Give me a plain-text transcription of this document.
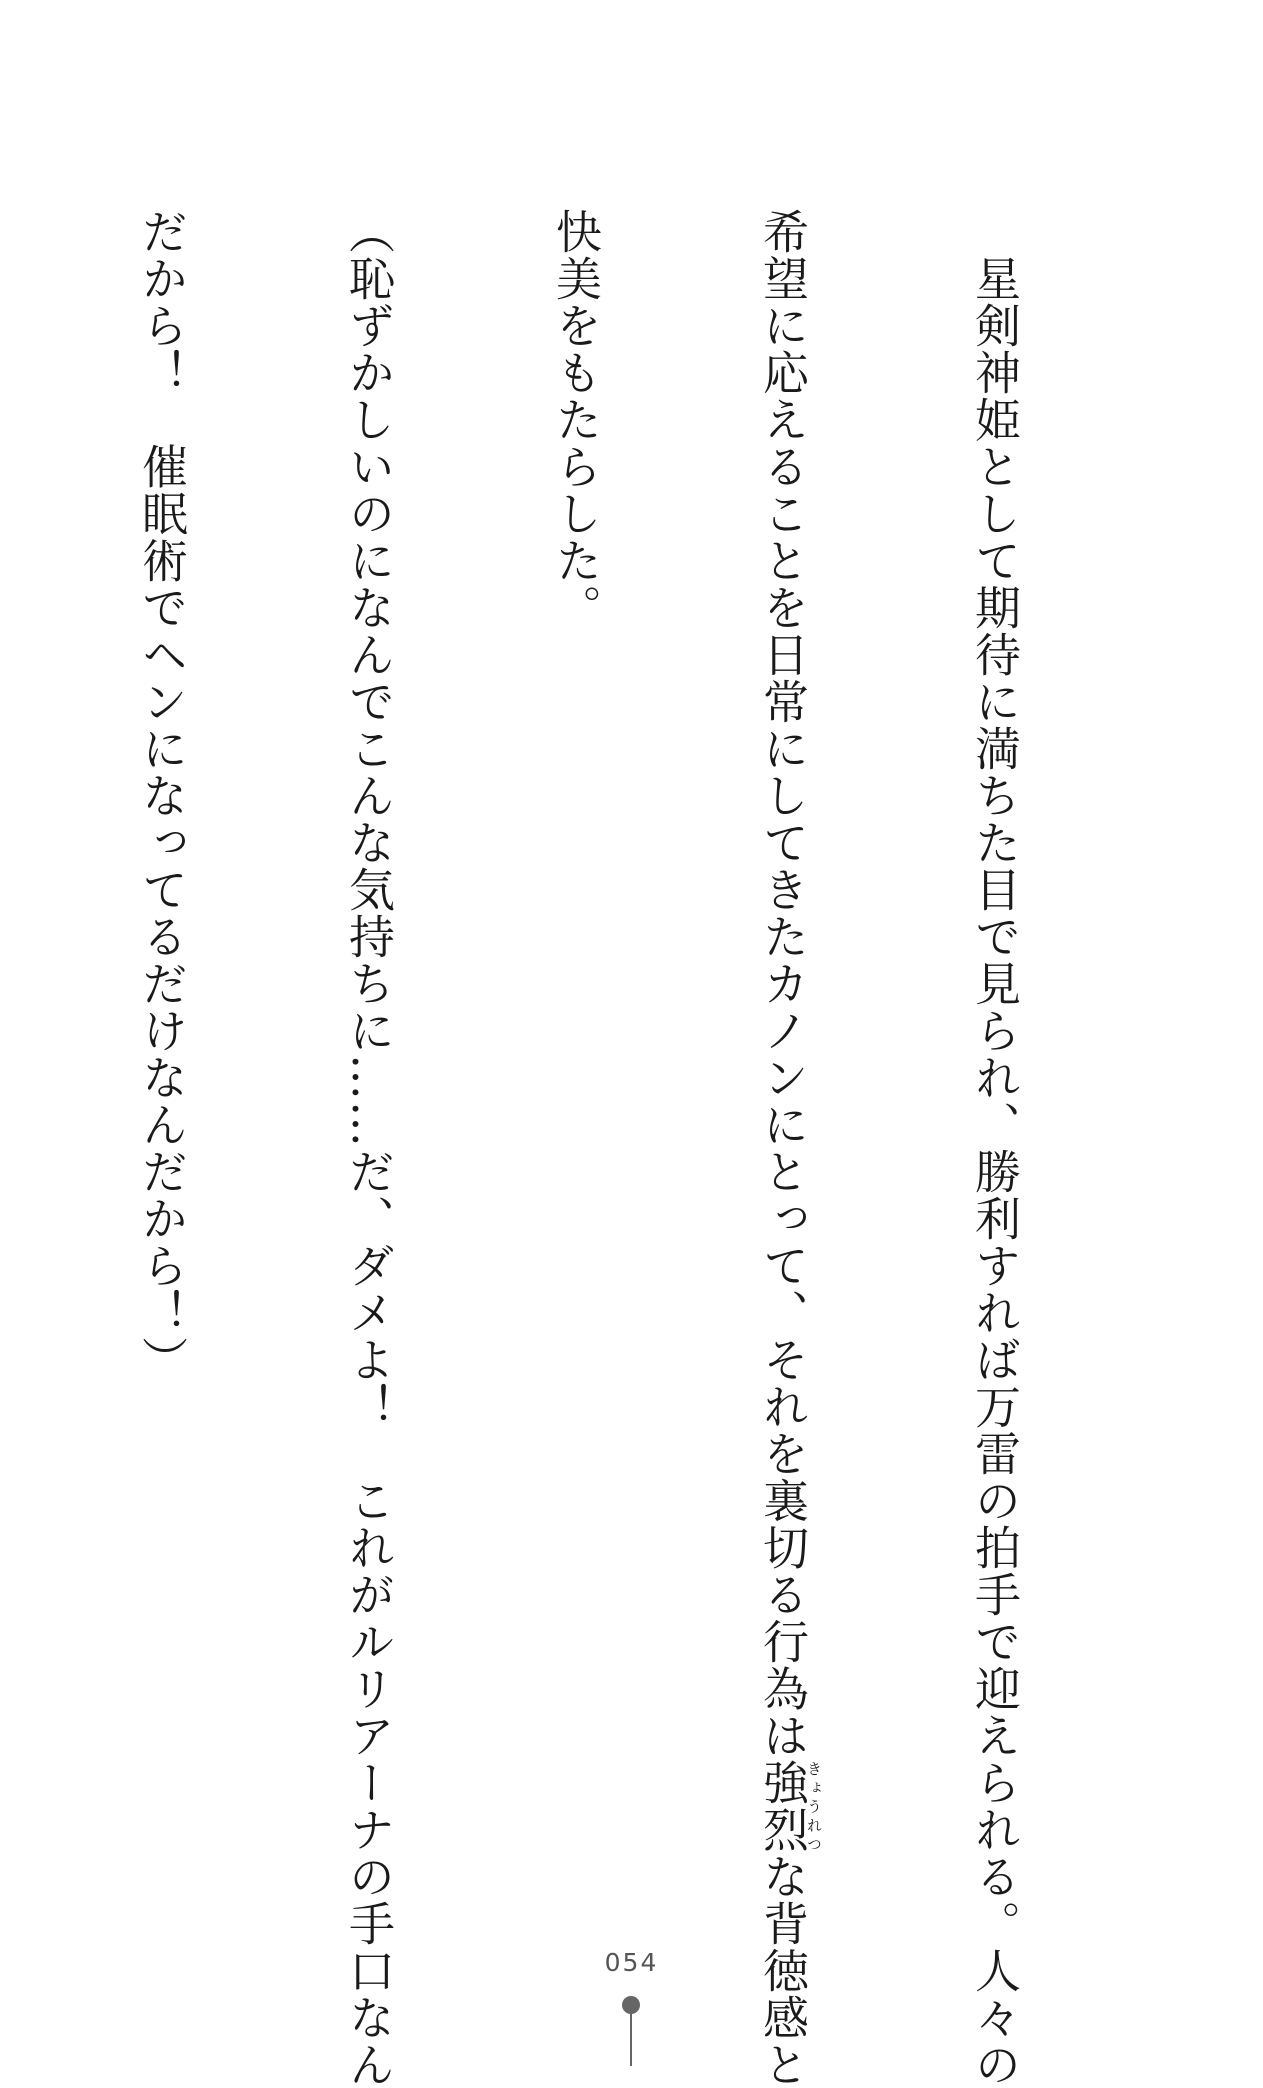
　星剣神姫として期待に満ちた目で見られ、勝利すれば万雷の拍手で迎えられる。人々の

希望に応えることを日常にしてきたカノンにとって、それを裏切る行為は強烈きょうれつな背徳感と

快美をもたらした。

（恥ずかしいのになんでこんな気持ちに……だ、ダメよ！　これがルリアーナの手口なん

だから！　催眠術でヘンになってるだけなんだから！）

054
